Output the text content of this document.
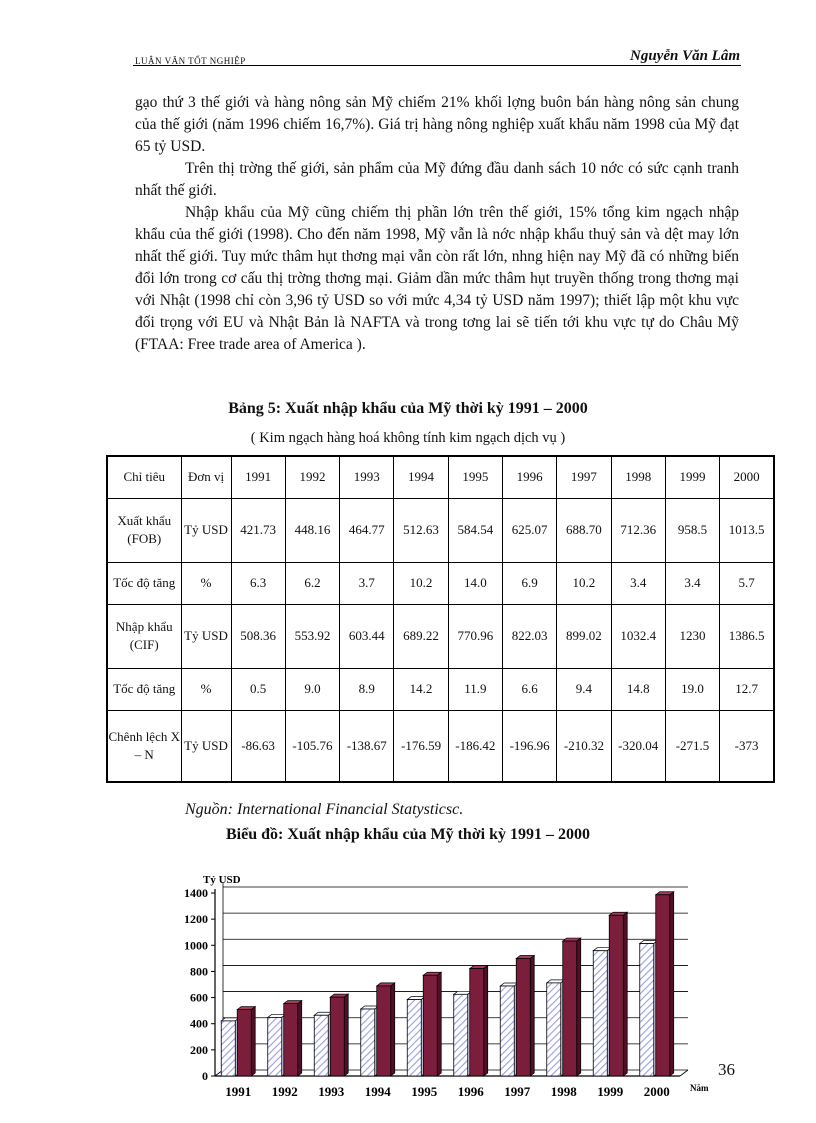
LUẬN VĂN TỐT NGHIỆP	Nguyễn Văn Lâm

gạo thứ 3 thế giới và hàng nông sản Mỹ chiếm 21% khối lợng buôn bán hàng nông sản chung của thế giới (năm 1996 chiếm 16,7%). Giá trị hàng nông nghiệp xuất khẩu năm 1998 của Mỹ đạt 65 tỷ USD.

Trên thị trờng thế giới, sản phẩm của Mỹ đứng đầu danh sách 10 nớc có sức cạnh tranh nhất thế giới.

Nhập khẩu của Mỹ cũng chiếm thị phần lớn trên thế giới, 15% tổng kim ngạch nhập khẩu của thế giới (1998). Cho đến năm 1998, Mỹ vẫn là nớc nhập khẩu thuỷ sản và dệt may lớn nhất thế giới. Tuy mức thâm hụt thơng mại vẫn còn rất lớn, nhng hiện nay Mỹ đã có những biến đổi lớn trong cơ cấu thị trờng thơng mại. Giảm dần mức thâm hụt truyền thống trong thơng mại với Nhật (1998 chỉ còn 3,96 tỷ USD so với mức 4,34 tỷ USD năm 1997); thiết lập một khu vực đối trọng với EU và Nhật Bản là NAFTA và trong tơng lai sẽ tiến tới khu vực tự do Châu Mỹ (FTAA: Free trade area of America ).

Bảng 5: Xuất nhập khẩu của Mỹ thời kỳ 1991 – 2000
( Kim ngạch hàng hoá không tính kim ngạch dịch vụ )
Chỉ tiêu	Đơn vị	1991	1992	1993	1994	1995	1996	1997	1998	1999	2000
Xuất khẩu (FOB)	Tỷ USD	421.73	448.16	464.77	512.63	584.54	625.07	688.70	712.36	958.5	1013.5
Tốc độ tăng	%	6.3	6.2	3.7	10.2	14.0	6.9	10.2	3.4	3.4	5.7
Nhập khẩu (CIF)	Tỷ USD	508.36	553.92	603.44	689.22	770.96	822.03	899.02	1032.4	1230	1386.5
Tốc độ tăng	%	0.5	9.0	8.9	14.2	11.9	6.6	9.4	14.8	19.0	12.7
Chênh lệch X – N	Tỷ USD	-86.63	-105.76	-138.67	-176.59	-186.42	-196.96	-210.32	-320.04	-271.5	-373
Nguồn: International Financial Statysticsc.
Biểu đồ: Xuất nhập khẩu của Mỹ thời kỳ 1991 – 2000
0
200
400
600
800
1000
1200
1400
Tỷ USD
Năm
1991 1992 1993 1994 1995 1996 1997 1998 1999 2000
36
